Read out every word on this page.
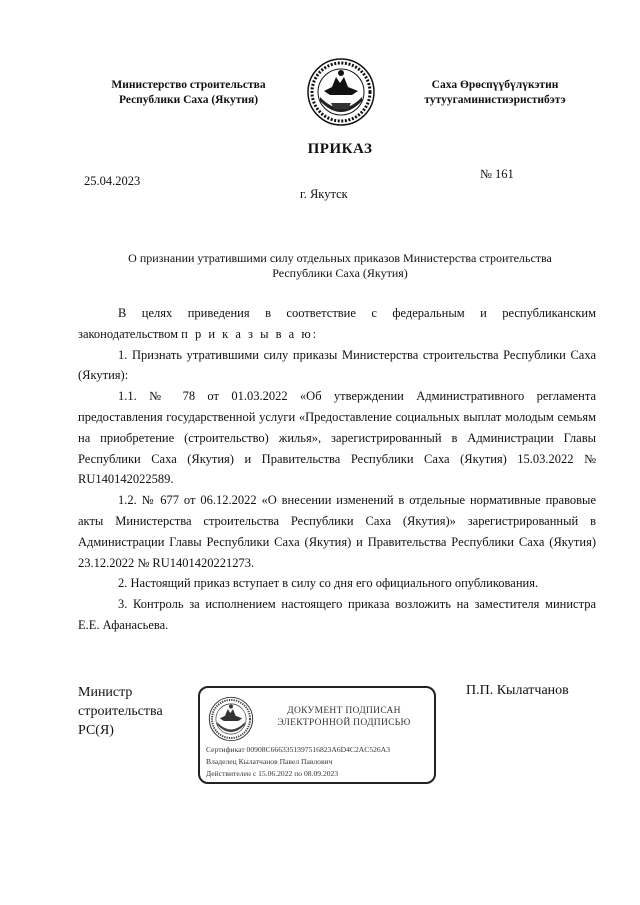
Министерство строительства
Республики Саха (Якутия)
Саха Өрөспүүбүлүкэтин
тутуугаминистиэристибэтэ
ПРИКАЗ
25.04.2023	№ 161
г. Якутск
О признании утратившими силу отдельных приказов Министерства строительства
Республики Саха (Якутия)

В целях приведения в соответствие с федеральным и республиканским законодательством п р и к а з ы в а ю:

1. Признать утратившими силу приказы Министерства строительства Республики Саха (Якутия):

1.1. № 78 от 01.03.2022 «Об утверждении Административного регламента предоставления государственной услуги «Предоставление социальных выплат молодым семьям на приобретение (строительство) жилья», зарегистрированный в Администрации Главы Республики Саха (Якутия) и Правительства Республики Саха (Якутия) 15.03.2022 № RU140142022589.

1.2. № 677 от 06.12.2022 «О внесении изменений в отдельные нормативные правовые акты Министерства строительства Республики Саха (Якутия)» зарегистрированный в Администрации Главы Республики Саха (Якутия) и Правительства Республики Саха (Якутия) 23.12.2022 № RU1401420221273.

2. Настоящий приказ вступает в силу со дня его официального опубликования.

3. Контроль за исполнением настоящего приказа возложить на заместителя министра Е.Е. Афанасьева.

Министр
строительства
РС(Я)
ДОКУМЕНТ ПОДПИСАН
ЭЛЕКТРОННОЙ ПОДПИСЬЮ
Сертификат 00908C6663351397516823A6D4C2AC526A3
Владелец Кылатчанов Павел Павлович
Действителен с 15.06.2022 по 08.09.2023
П.П. Кылатчанов
